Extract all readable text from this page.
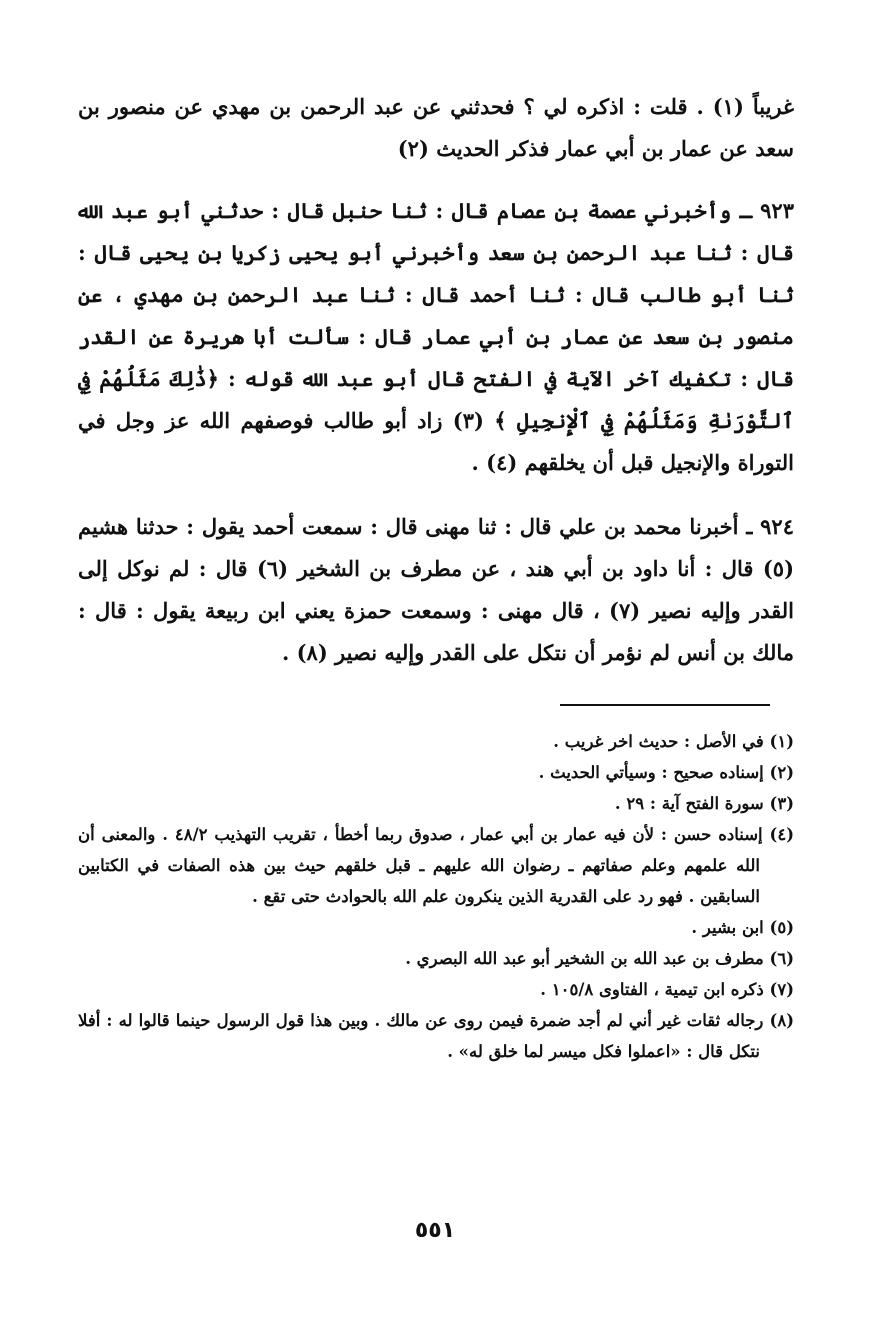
غريباً (١) . قلت : اذكره لي ؟ فحدثني عن عبد الرحمن بن مهدي عن منصور بن سعد عن عمار بن أبي عمار فذكر الحديث (٢)

٩٢٣ ـ وأخبرني عصمة بن عصام قال : ثنا حنبل قال : حدثني أبو عبد الله قال : ثنا عبد الرحمن بن سعد وأخبرني أبو يحيى زكريا بن يحيى قال : ثنا أبو طالب قال : ثنا أحمد قال : ثنا عبد الرحمن بن مهدي ، عن منصور بن سعد عن عمار بن أبي عمار قال : سألت أبا هريرة عن القدر قال : تكفيك آخر الآية في الفتح قال أبو عبد الله قوله : ﴿ذَٰلِكَ مَثَلُهُمْ فِي ٱلتَّوْرَىٰةِ وَمَثَلُهُمْ فِي ٱلْإِنجِيلِ ﴾ (٣) زاد أبو طالب فوصفهم الله عز وجل في التوراة والإنجيل قبل أن يخلقهم (٤) .

٩٢٤ ـ أخبرنا محمد بن علي قال : ثنا مهنى قال : سمعت أحمد يقول : حدثنا هشيم (٥) قال : أنا داود بن أبي هند ، عن مطرف بن الشخير (٦) قال : لم نوكل إلى القدر وإليه نصير (٧) ، قال مهنى : وسمعت حمزة يعني ابن ربيعة يقول : قال : مالك بن أنس لم نؤمر أن نتكل على القدر وإليه نصير (٨) .

(١) في الأصل : حديث اخر غريب .

(٢) إسناده صحيح : وسيأتي الحديث .

(٣) سورة الفتح آية : ٢٩ .

(٤) إسناده حسن : لأن فيه عمار بن أبي عمار ، صدوق ربما أخطأ ، تقريب التهذيب ٤٨/٢ . والمعنى أن الله علمهم وعلم صفاتهم ـ رضوان الله عليهم ـ قبل خلقهم حيث بين هذه الصفات في الكتابين السابقين . فهو رد على القدرية الذين ينكرون علم الله بالحوادث حتى تقع .

(٥) ابن بشير .

(٦) مطرف بن عبد الله بن الشخير أبو عبد الله البصري .

(٧) ذكره ابن تيمية ، الفتاوى ١٠٥/٨ .

(٨) رجاله ثقات غير أني لم أجد ضمرة فيمن روى عن مالك . وبين هذا قول الرسول حينما قالوا له : أفلا نتكل قال : «اعملوا فكل ميسر لما خلق له» .

٥٥١
